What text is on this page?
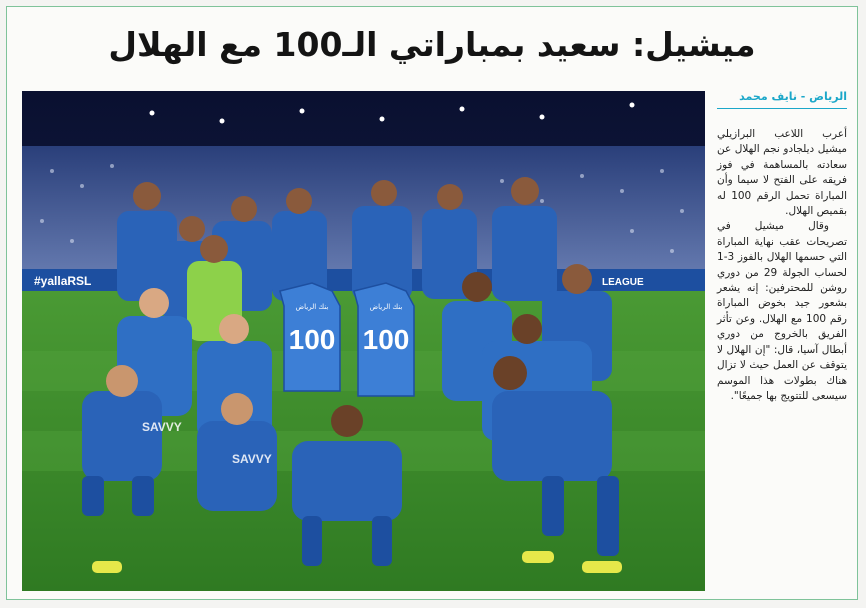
ميشيل: سعيد بمباراتي الـ100 مع الهلال
الرياض - نايف محمد
#yallaRSL	LEAGUE
بنك الرياض
100
بنك الرياض
100
SAVVY
SAVVY

أعرب اللاعب البرازيلي ميشيل ديلجادو نجم الهلال عن سعادته بالمساهمة في فوز فريقه على الفتح لا سيما وأن المباراة تحمل الرقم 100 له بقميص الهلال.

وقال ميشيل في تصريحات عقب نهاية المباراة التي حسمها الهلال بالفوز 3-1 لحساب الجولة 29 من دوري روشن للمحترفين: إنه يشعر بشعور جيد بخوض المباراة رقم 100 مع الهلال. وعن تأثر الفريق بالخروج من دوري أبطال آسيا، قال: "إن الهلال لا يتوقف عن العمل حيث لا تزال هناك بطولات هذا الموسم سيسعى للتتويج بها جميعًا".
